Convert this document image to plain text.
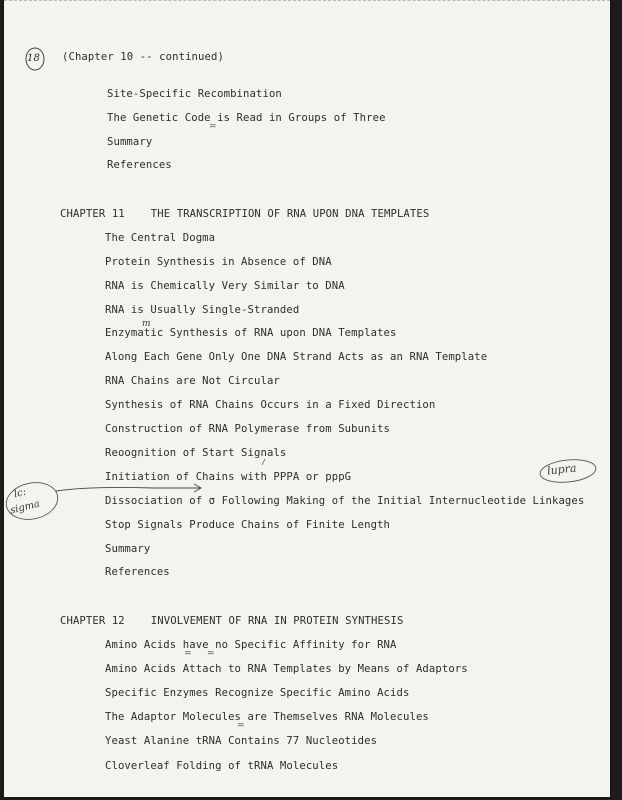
18 (Chapter 10 -- continued)
Site-Specific Recombination
The Genetic Code is Read in Groups of Three
Summary
References
CHAPTER 11 THE TRANSCRIPTION OF RNA UPON DNA TEMPLATES
The Central Dogma
Protein Synthesis in Absence of DNA
RNA is Chemically Very Similar to DNA
RNA is Usually Single-Stranded
Enzymatic Synthesis of RNA upon DNA Templates
Along Each Gene Only One DNA Strand Acts as an RNA Template
RNA Chains are Not Circular
Synthesis of RNA Chains Occurs in a Fixed Direction
Construction of RNA Polymerase from Subunits
Reoognition of Start Signals
Initiation of Chains with PPPA or pppG
Dissociation of σ Following Making of the Initial Internucleotide Linkages
Stop Signals Produce Chains of Finite Length
Summary
References
CHAPTER 12 INVOLVEMENT OF RNA IN PROTEIN SYNTHESIS
Amino Acids have no Specific Affinity for RNA
Amino Acids Attach to RNA Templates by Means of Adaptors
Specific Enzymes Recognize Specific Amino Acids
The Adaptor Molecules are Themselves RNA Molecules
Yeast Alanine tRNA Contains 77 Nucleotides
Cloverleaf Folding of tRNA Molecules
=
= =
=
m
lc:
sigma
lupra
